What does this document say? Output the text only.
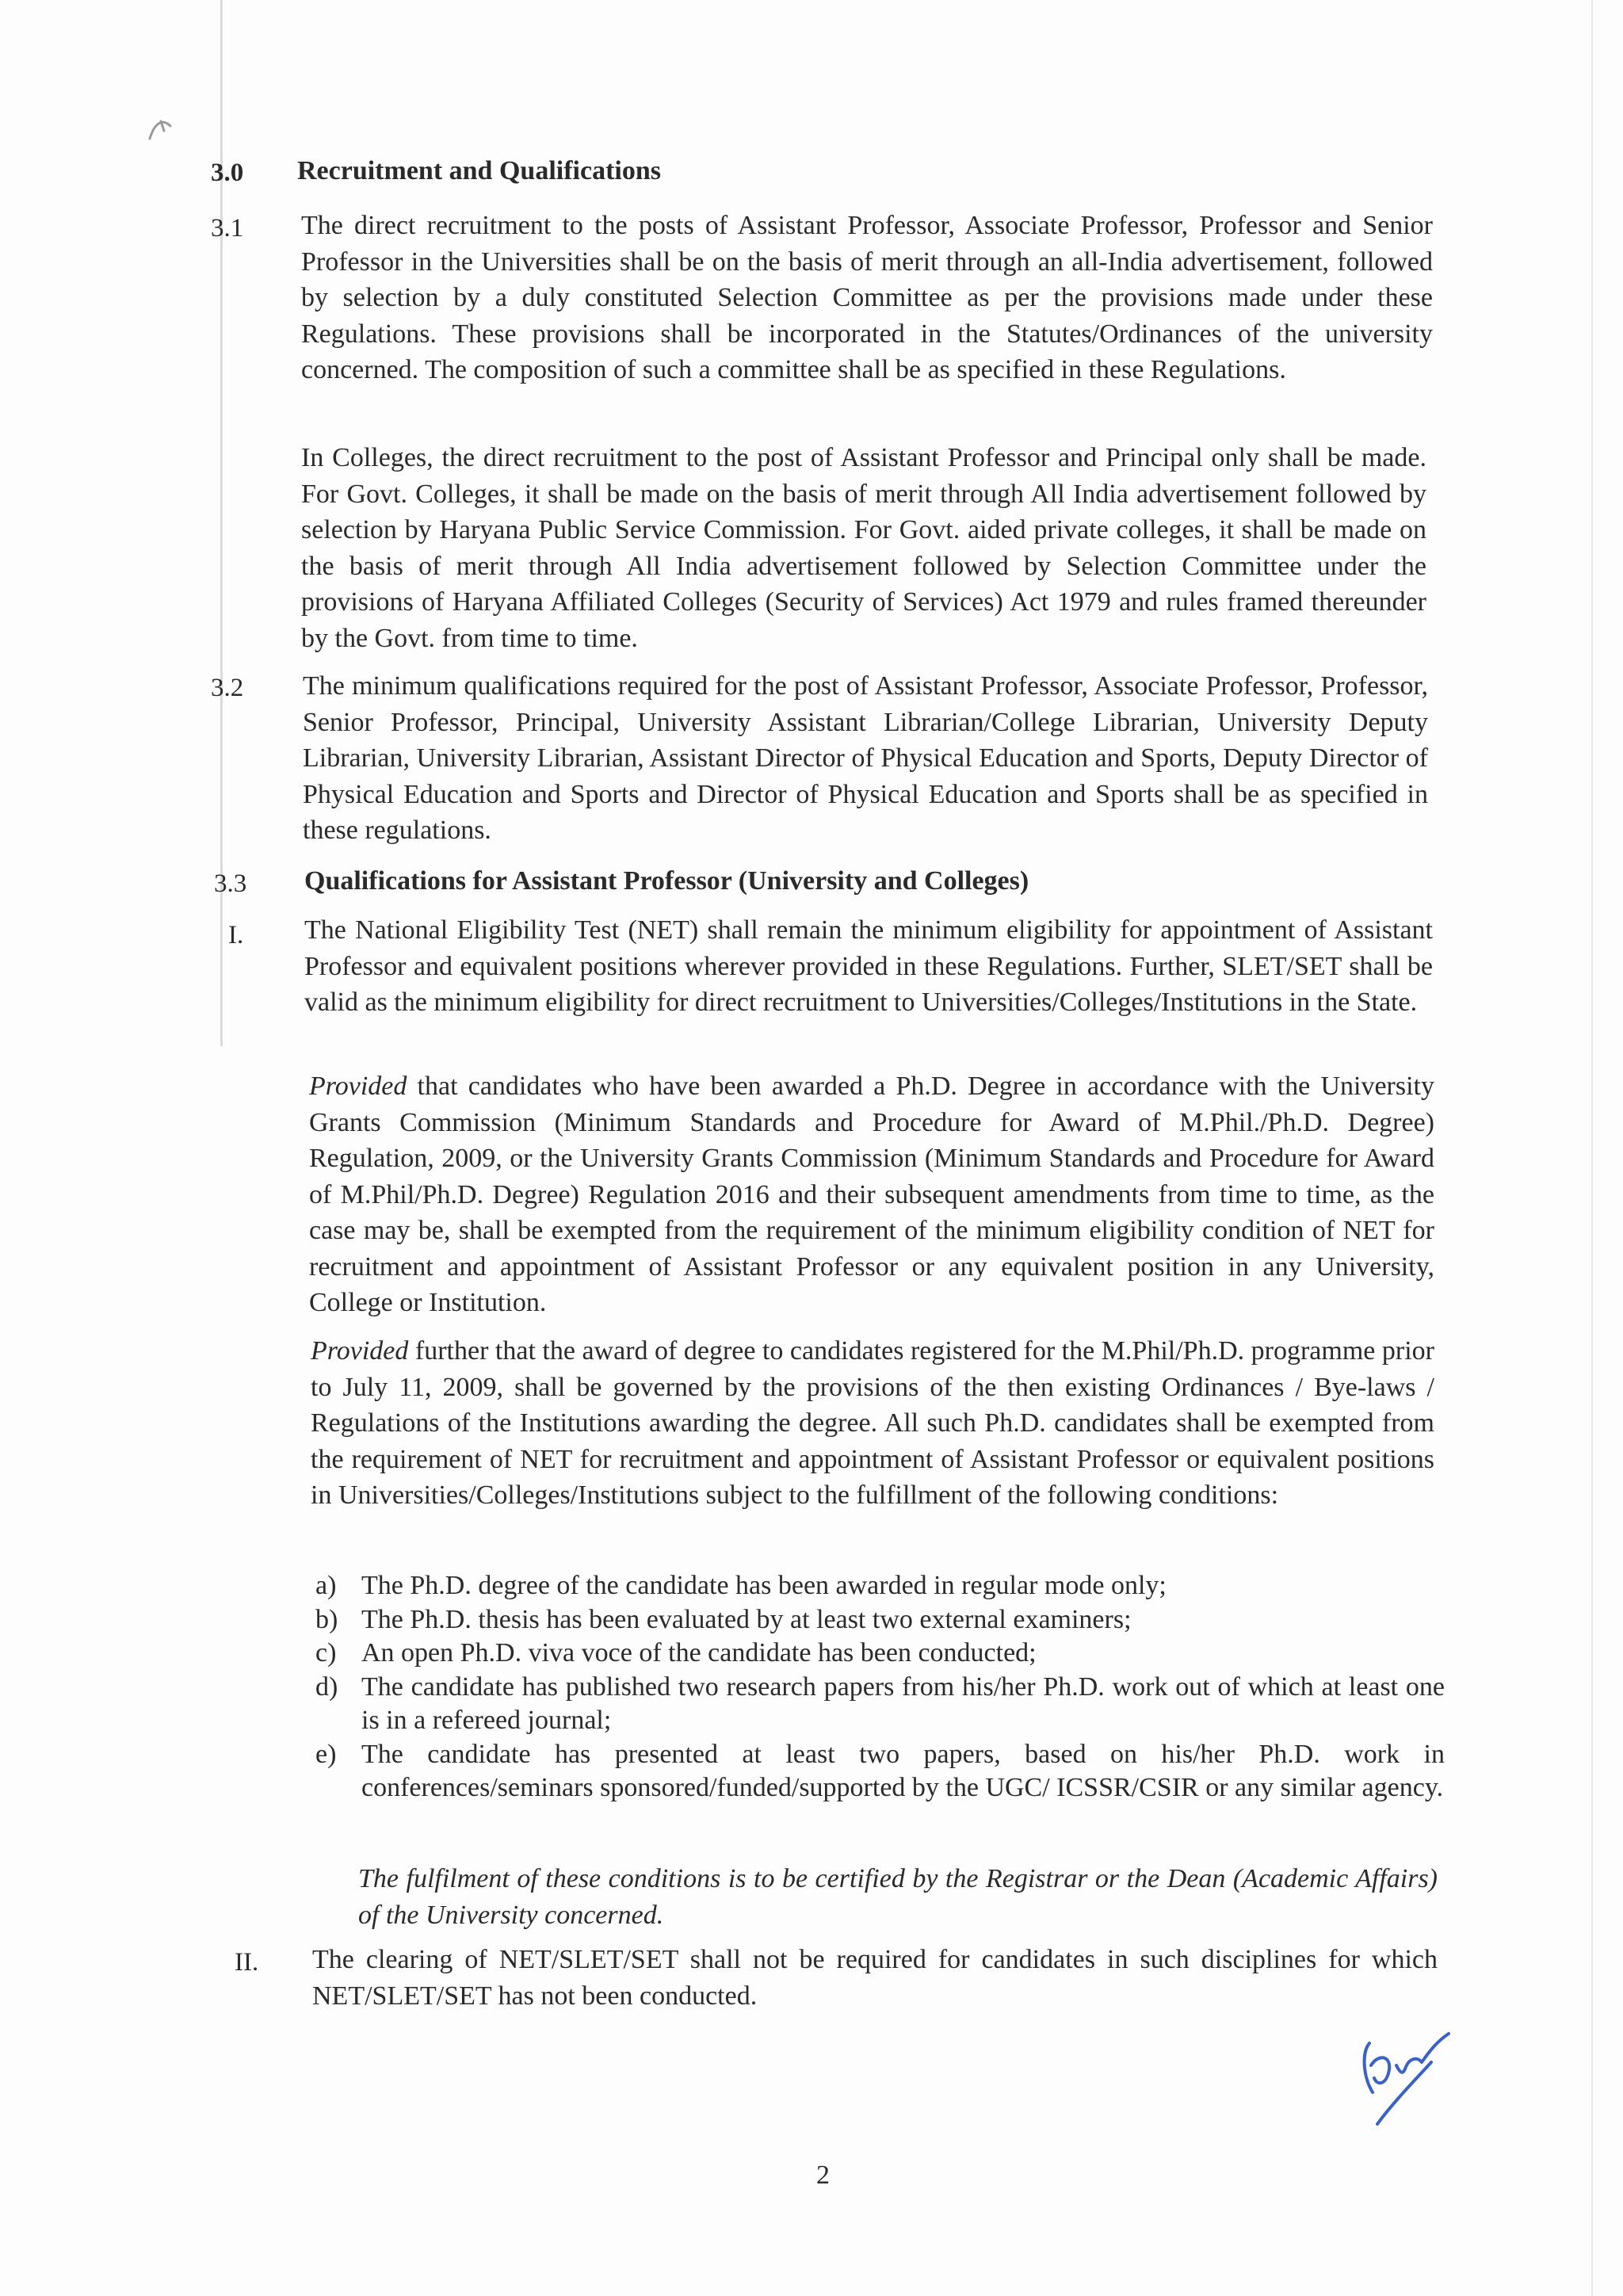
3.0 Recruitment and Qualifications
3.1 The direct recruitment to the posts of Assistant Professor, Associate Professor, Professor and Senior Professor in the Universities shall be on the basis of merit through an all-India advertisement, followed by selection by a duly constituted Selection Committee as per the provisions made under these Regulations. These provisions shall be incorporated in the Statutes/Ordinances of the university concerned. The composition of such a committee shall be as specified in these Regulations.

In Colleges, the direct recruitment to the post of Assistant Professor and Principal only shall be made. For Govt. Colleges, it shall be made on the basis of merit through All India advertisement followed by selection by Haryana Public Service Commission. For Govt. aided private colleges, it shall be made on the basis of merit through All India advertisement followed by Selection Committee under the provisions of Haryana Affiliated Colleges (Security of Services) Act 1979 and rules framed thereunder by the Govt. from time to time.

3.2 The minimum qualifications required for the post of Assistant Professor, Associate Professor, Professor, Senior Professor, Principal, University Assistant Librarian/College Librarian, University Deputy Librarian, University Librarian, Assistant Director of Physical Education and Sports, Deputy Director of Physical Education and Sports and Director of Physical Education and Sports shall be as specified in these regulations.

3.3 Qualifications for Assistant Professor (University and Colleges)
I. The National Eligibility Test (NET) shall remain the minimum eligibility for appointment of Assistant Professor and equivalent positions wherever provided in these Regulations. Further, SLET/SET shall be valid as the minimum eligibility for direct recruitment to Universities/Colleges/Institutions in the State.

Provided that candidates who have been awarded a Ph.D. Degree in accordance with the University Grants Commission (Minimum Standards and Procedure for Award of M.Phil./Ph.D. Degree) Regulation, 2009, or the University Grants Commission (Minimum Standards and Procedure for Award of M.Phil/Ph.D. Degree) Regulation 2016 and their subsequent amendments from time to time, as the case may be, shall be exempted from the requirement of the minimum eligibility condition of NET for recruitment and appointment of Assistant Professor or any equivalent position in any University, College or Institution.

Provided further that the award of degree to candidates registered for the M.Phil/Ph.D. programme prior to July 11, 2009, shall be governed by the provisions of the then existing Ordinances / Bye-laws / Regulations of the Institutions awarding the degree. All such Ph.D. candidates shall be exempted from the requirement of NET for recruitment and appointment of Assistant Professor or equivalent positions in Universities/Colleges/Institutions subject to the fulfillment of the following conditions:

a) The Ph.D. degree of the candidate has been awarded in regular mode only;
b) The Ph.D. thesis has been evaluated by at least two external examiners;
c) An open Ph.D. viva voce of the candidate has been conducted;
d) The candidate has published two research papers from his/her Ph.D. work out of which at least one is in a refereed journal;
e) The candidate has presented at least two papers, based on his/her Ph.D. work in conferences/seminars sponsored/funded/supported by the UGC/ ICSSR/CSIR or any similar agency.

The fulfilment of these conditions is to be certified by the Registrar or the Dean (Academic Affairs) of the University concerned.

II. The clearing of NET/SLET/SET shall not be required for candidates in such disciplines for which NET/SLET/SET has not been conducted.

2
